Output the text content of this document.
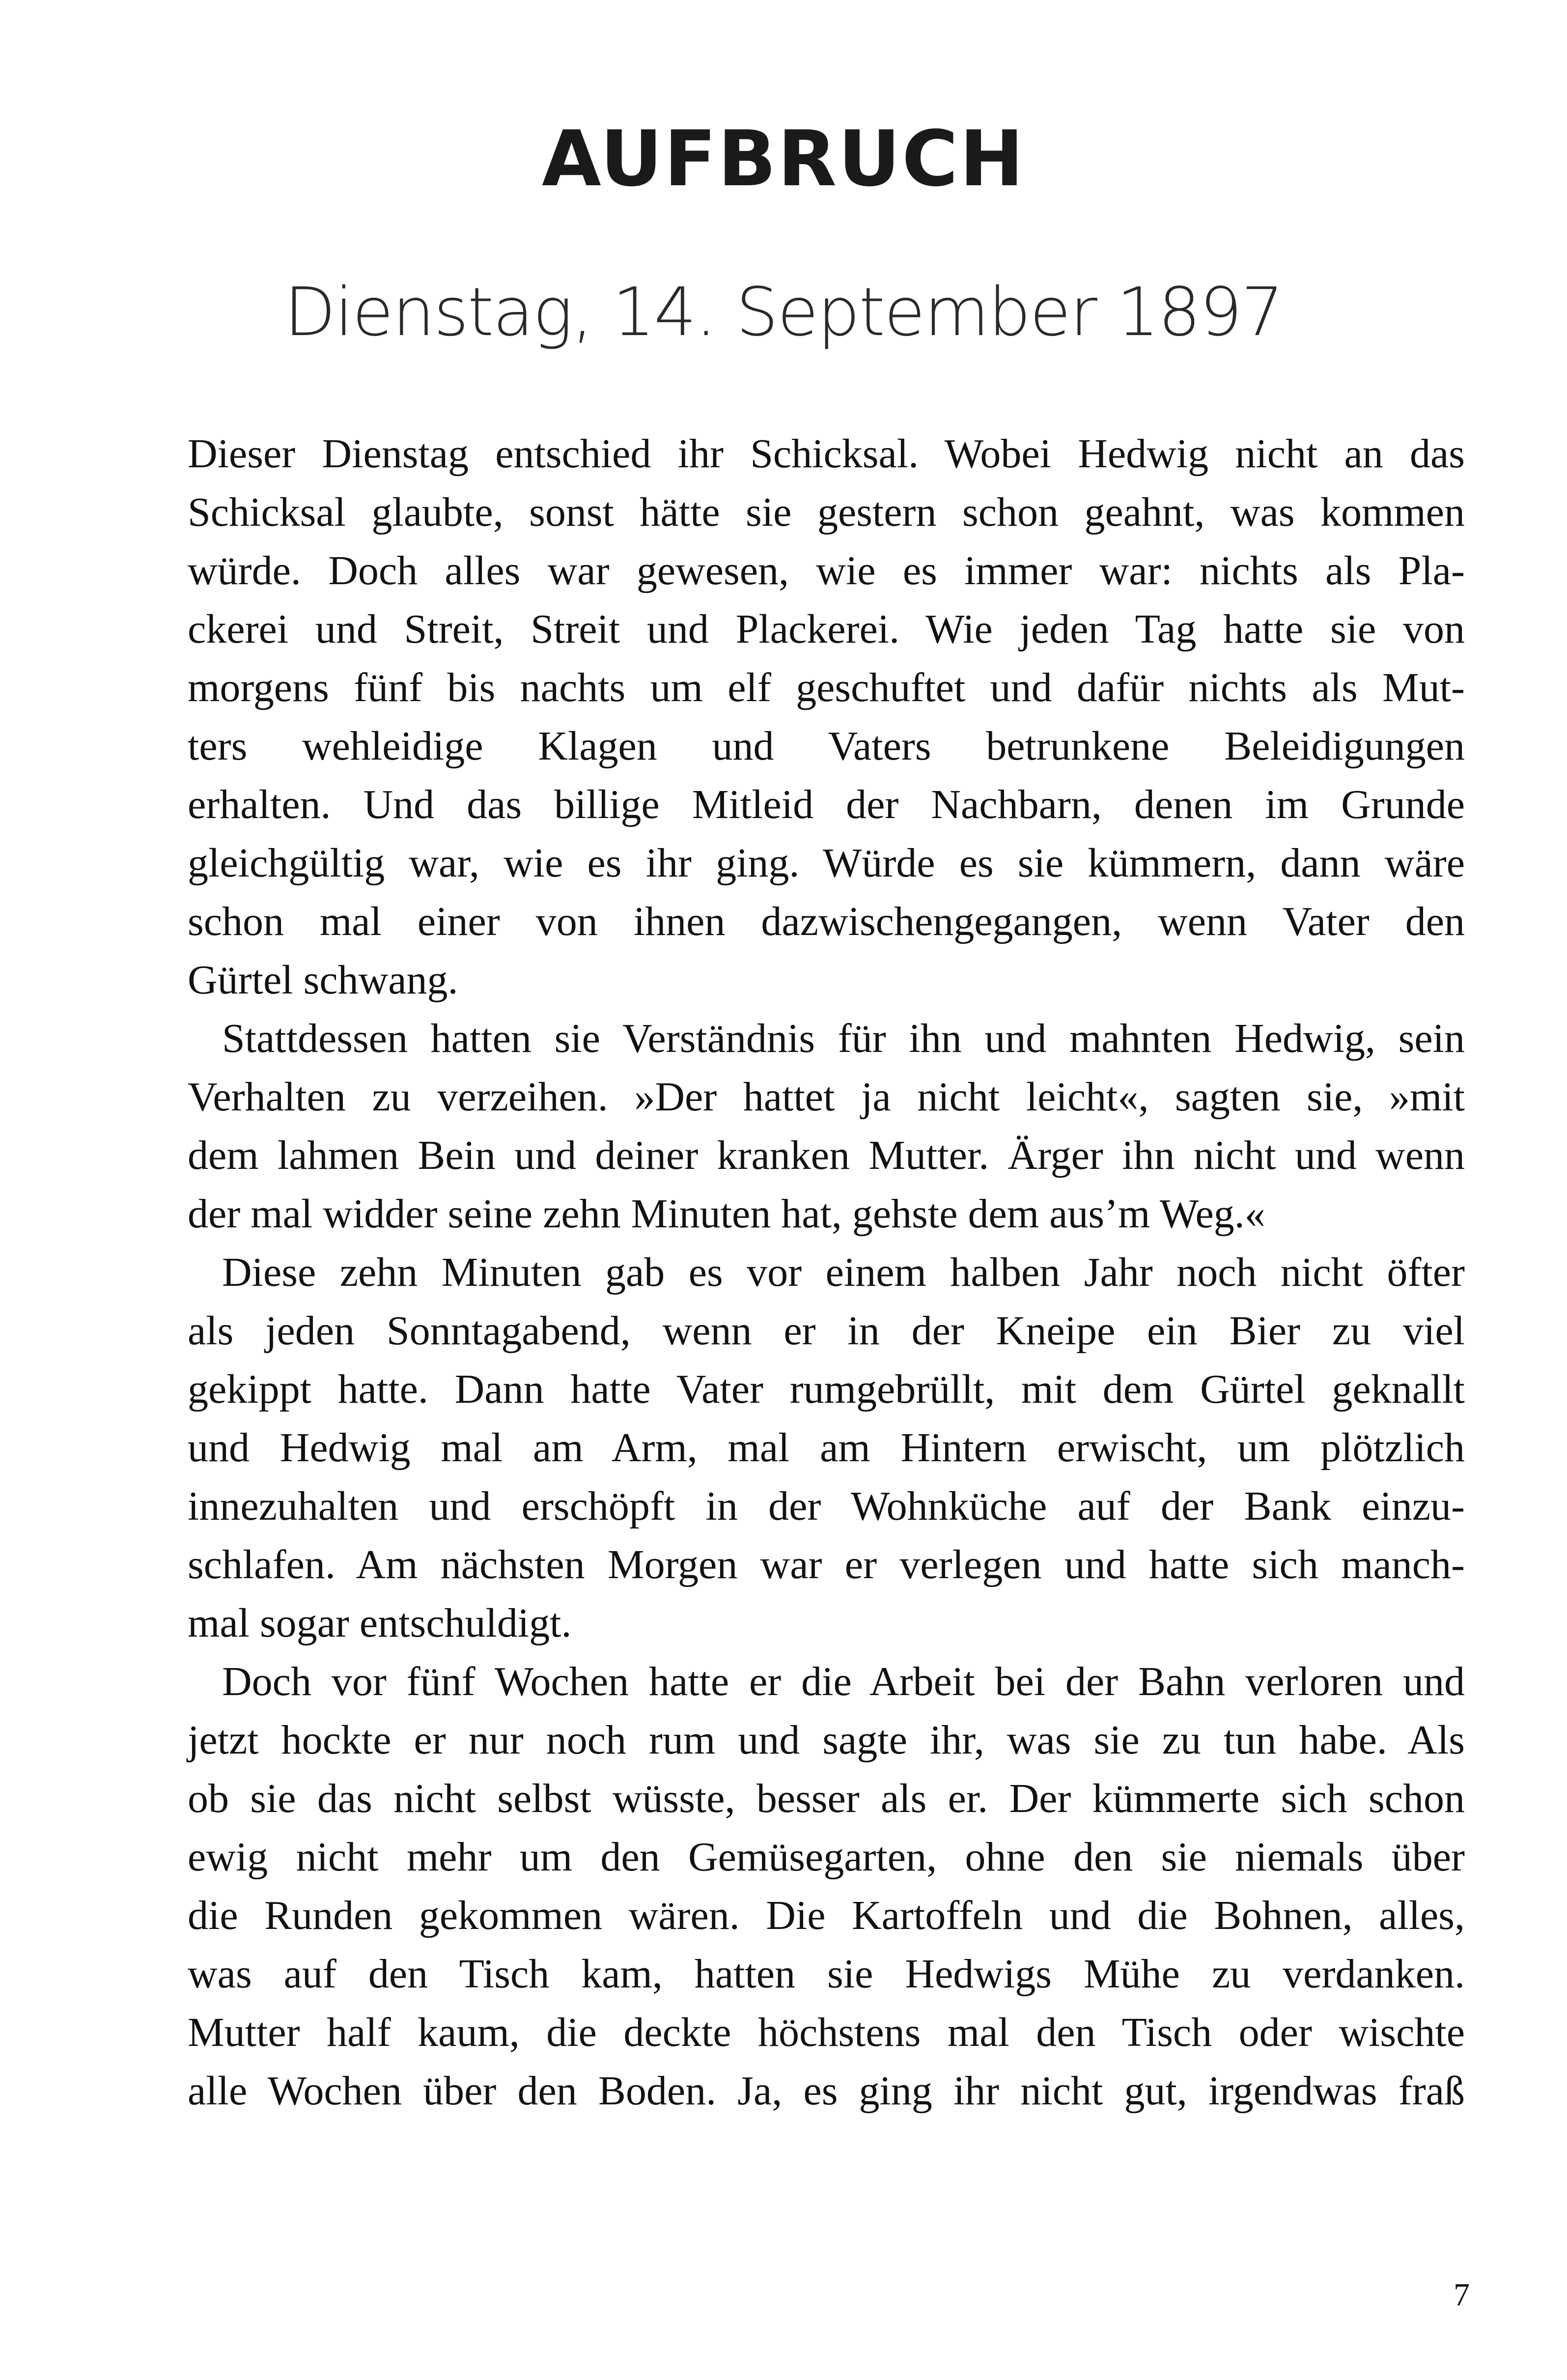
AUFBRUCH
Dienstag, 14. September 1897
Dieser Dienstag entschied ihr Schicksal. Wobei Hedwig nicht an das
Schicksal glaubte, sonst hätte sie gestern schon geahnt, was kommen
würde. Doch alles war gewesen, wie es immer war: nichts als Pla-
ckerei und Streit, Streit und Plackerei. Wie jeden Tag hatte sie von
morgens fünf bis nachts um elf geschuftet und dafür nichts als Mut-
ters wehleidige Klagen und Vaters betrunkene Beleidigungen
erhalten. Und das billige Mitleid der Nachbarn, denen im Grunde
gleichgültig war, wie es ihr ging. Würde es sie kümmern, dann wäre
schon mal einer von ihnen dazwischengegangen, wenn Vater den
Gürtel schwang.
Stattdessen hatten sie Verständnis für ihn und mahnten Hedwig, sein
Verhalten zu verzeihen. »Der hattet ja nicht leicht«, sagten sie, »mit
dem lahmen Bein und deiner kranken Mutter. Ärger ihn nicht und wenn
der mal widder seine zehn Minuten hat, gehste dem aus’m Weg.«
Diese zehn Minuten gab es vor einem halben Jahr noch nicht öfter
als jeden Sonntagabend, wenn er in der Kneipe ein Bier zu viel
gekippt hatte. Dann hatte Vater rumgebrüllt, mit dem Gürtel geknallt
und Hedwig mal am Arm, mal am Hintern erwischt, um plötzlich
innezuhalten und erschöpft in der Wohnküche auf der Bank einzu-
schlafen. Am nächsten Morgen war er verlegen und hatte sich manch-
mal sogar entschuldigt.
Doch vor fünf Wochen hatte er die Arbeit bei der Bahn verloren und
jetzt hockte er nur noch rum und sagte ihr, was sie zu tun habe. Als
ob sie das nicht selbst wüsste, besser als er. Der kümmerte sich schon
ewig nicht mehr um den Gemüsegarten, ohne den sie niemals über
die Runden gekommen wären. Die Kartoffeln und die Bohnen, alles,
was auf den Tisch kam, hatten sie Hedwigs Mühe zu verdanken.
Mutter half kaum, die deckte höchstens mal den Tisch oder wischte
alle Wochen über den Boden. Ja, es ging ihr nicht gut, irgendwas fraß
7
